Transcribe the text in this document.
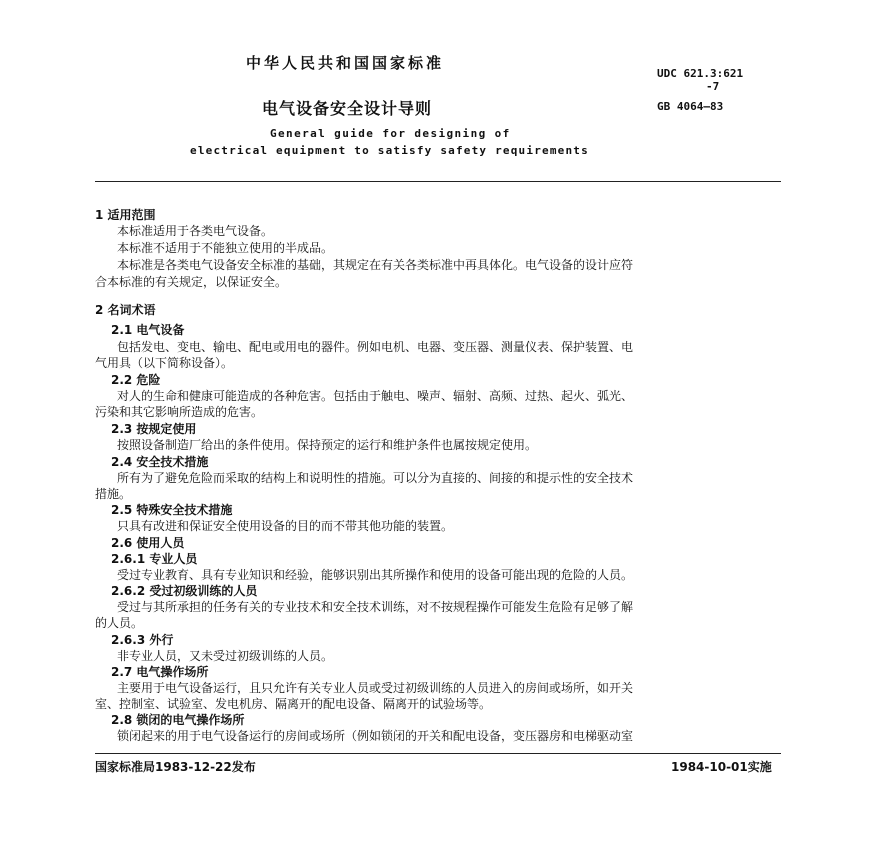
中华人民共和国国家标准
UDC 621.3:621
-7
GB 4064—83
电气设备安全设计导则
General guide for designing of
electrical equipment to satisfy safety requirements
1 适用范围
本标准适用于各类电气设备。
本标准不适用于不能独立使用的半成品。
本标准是各类电气设备安全标准的基础，其规定在有关各类标准中再具体化。电气设备的设计应符
合本标准的有关规定，以保证安全。
2 名词术语
2.1 电气设备
包括发电、变电、输电、配电或用电的器件。例如电机、电器、变压器、测量仪表、保护装置、电
气用具（以下简称设备）。
2.2 危险
对人的生命和健康可能造成的各种危害。包括由于触电、噪声、辐射、高频、过热、起火、弧光、
污染和其它影响所造成的危害。
2.3 按规定使用
按照设备制造厂给出的条件使用。保持预定的运行和维护条件也属按规定使用。
2.4 安全技术措施
所有为了避免危险而采取的结构上和说明性的措施。可以分为直接的、间接的和提示性的安全技术
措施。
2.5 特殊安全技术措施
只具有改进和保证安全使用设备的目的而不带其他功能的装置。
2.6 使用人员
2.6.1 专业人员
受过专业教育、具有专业知识和经验，能够识别出其所操作和使用的设备可能出现的危险的人员。
2.6.2 受过初级训练的人员
受过与其所承担的任务有关的专业技术和安全技术训练，对不按规程操作可能发生危险有足够了解
的人员。
2.6.3 外行
非专业人员，又未受过初级训练的人员。
2.7 电气操作场所
主要用于电气设备运行，且只允许有关专业人员或受过初级训练的人员进入的房间或场所，如开关
室、控制室、试验室、发电机房、隔离开的配电设备、隔离开的试验场等。
2.8 锁闭的电气操作场所
锁闭起来的用于电气设备运行的房间或场所（例如锁闭的开关和配电设备，变压器房和电梯驱动室
国家标准局1983-12-22发布	1984-10-01实施
